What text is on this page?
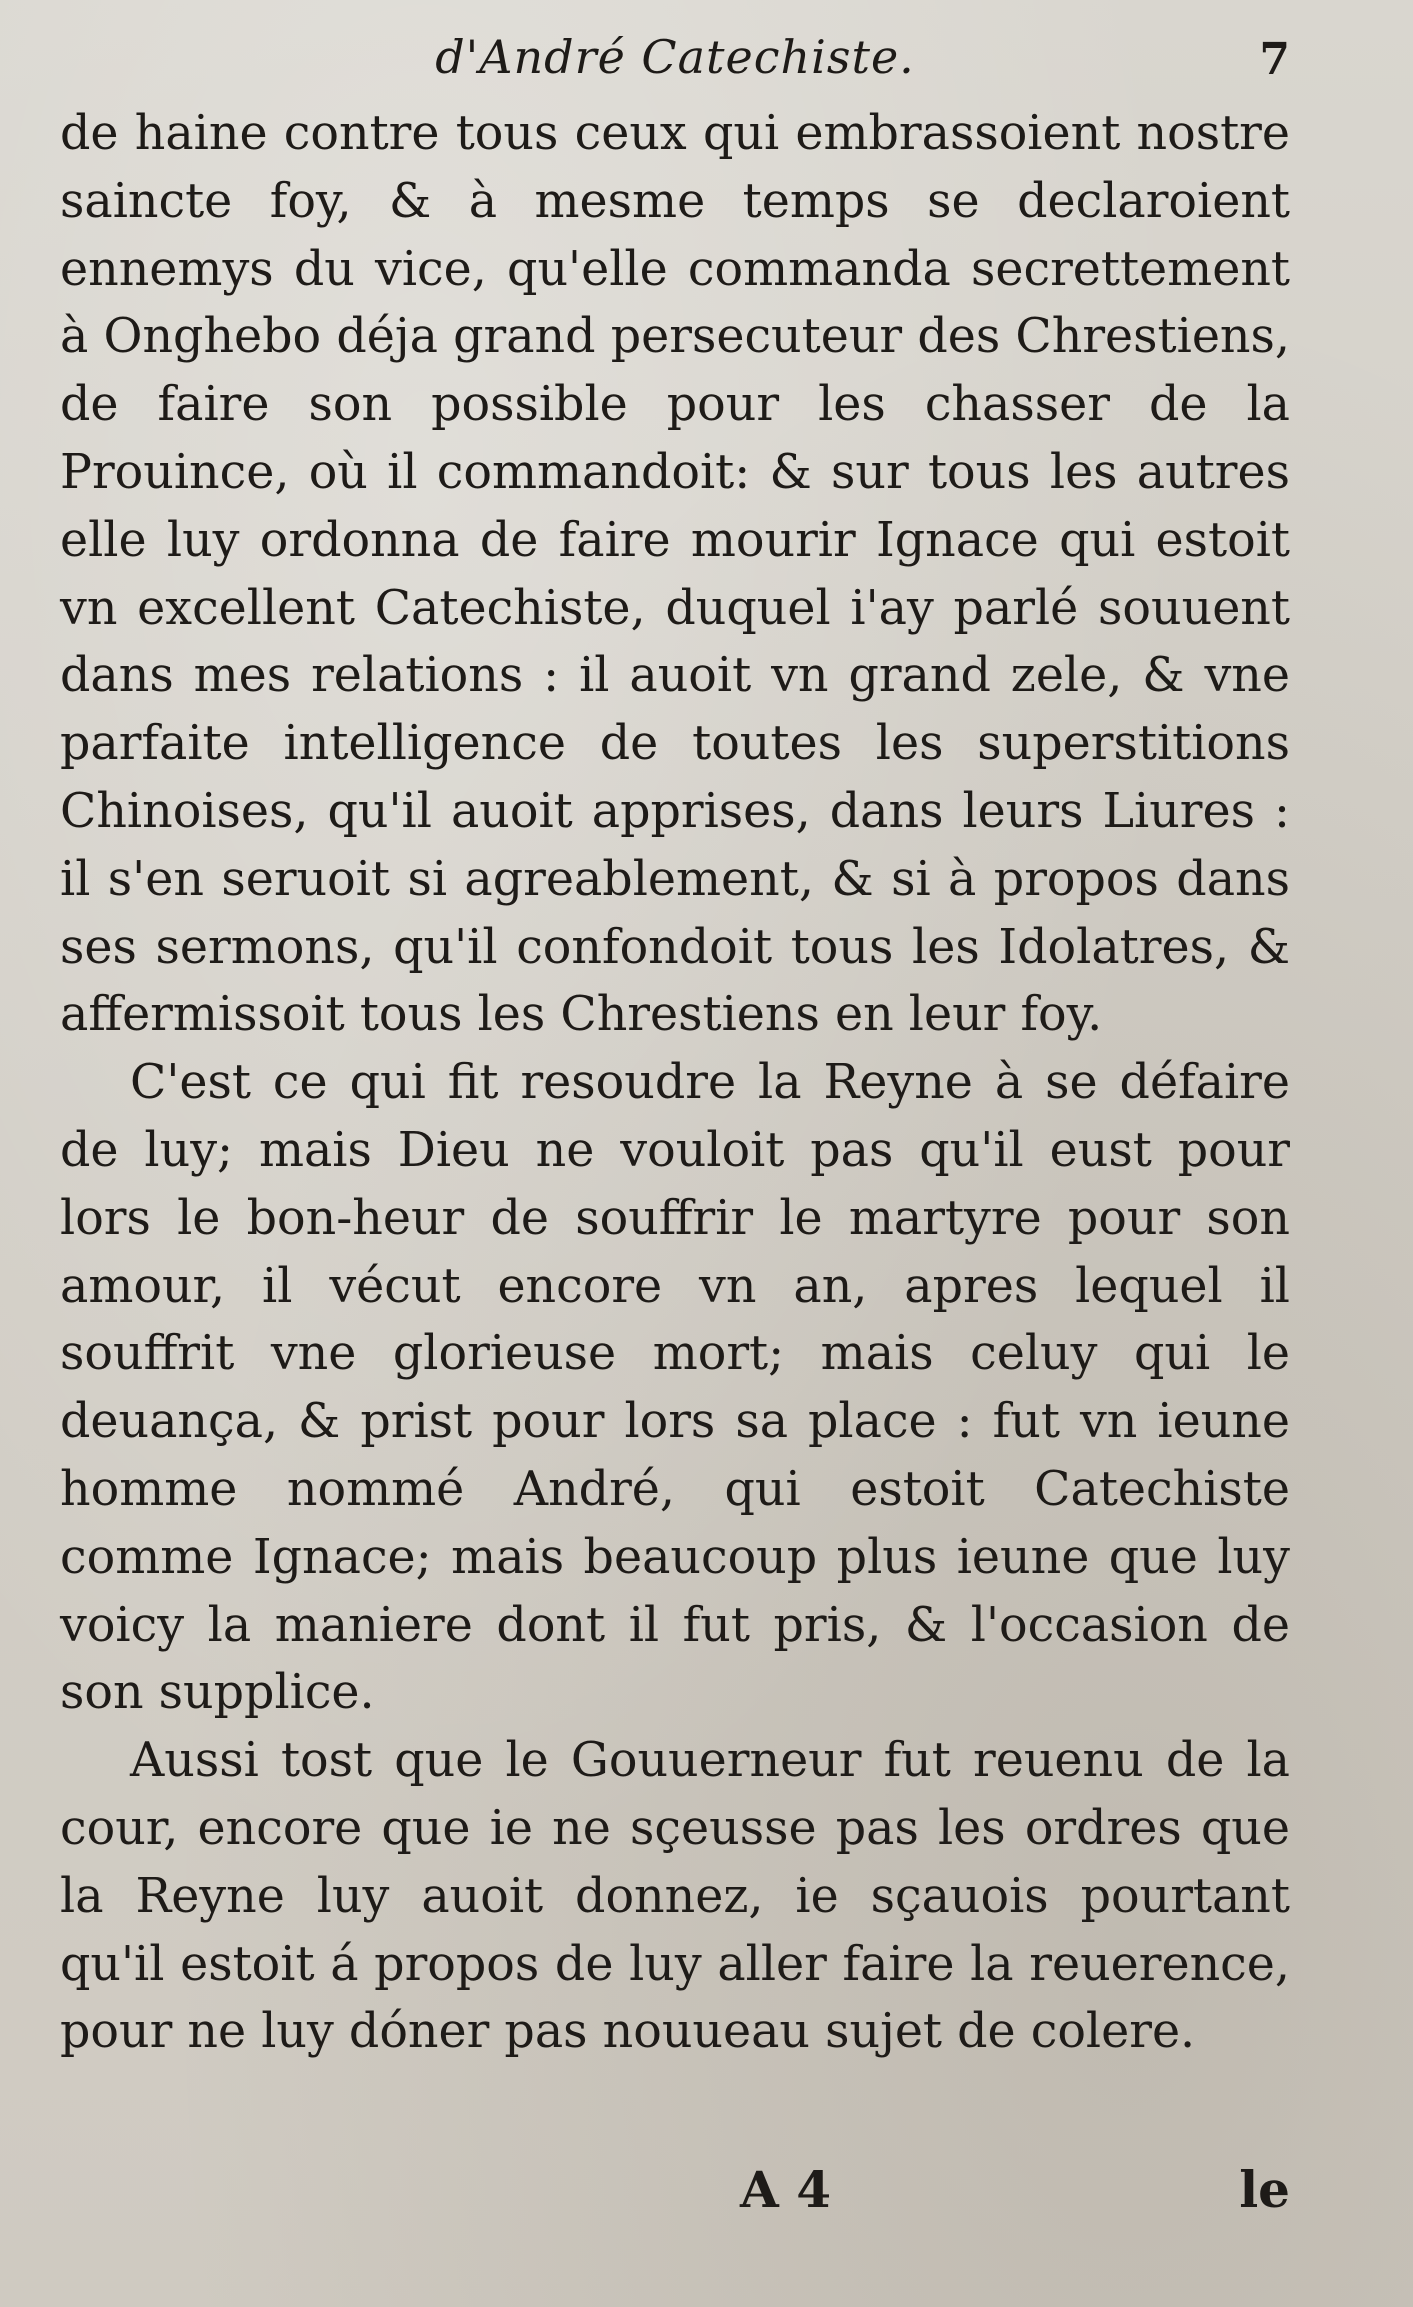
d'André Catechiste.	7

de haine contre tous ceux qui embrassoient nostre saincte foy, & à mesme temps se declaroient ennemys du vice, qu'elle commanda secrettement à Onghebo déja grand persecuteur des Chrestiens, de faire son possible pour les chasser de la Prouince, où il commandoit: & sur tous les autres elle luy ordonna de faire mourir Ignace qui estoit vn excellent Catechiste, duquel i'ay parlé souuent dans mes relations : il auoit vn grand zele, & vne parfaite intelligence de toutes les superstitions Chinoises, qu'il auoit apprises, dans leurs Liures : il s'en seruoit si agreablement, & si à propos dans ses sermons, qu'il confondoit tous les Idolatres, & affermissoit tous les Chrestiens en leur foy.

C'est ce qui fit resoudre la Reyne à se défaire de luy; mais Dieu ne vouloit pas qu'il eust pour lors le bon-heur de souffrir le martyre pour son amour, il vécut encore vn an, apres lequel il souffrit vne glorieuse mort; mais celuy qui le deuança, & prist pour lors sa place : fut vn ieune homme nommé André, qui estoit Catechiste comme Ignace; mais beaucoup plus ieune que luy voicy la maniere dont il fut pris, & l'occasion de son supplice.

Aussi tost que le Gouuerneur fut reuenu de la cour, encore que ie ne sçeusse pas les ordres que la Reyne luy auoit donnez, ie sçauois pourtant qu'il estoit á propos de luy aller faire la reuerence, pour ne luy dóner pas nouueau sujet de colere.

A 4	le
